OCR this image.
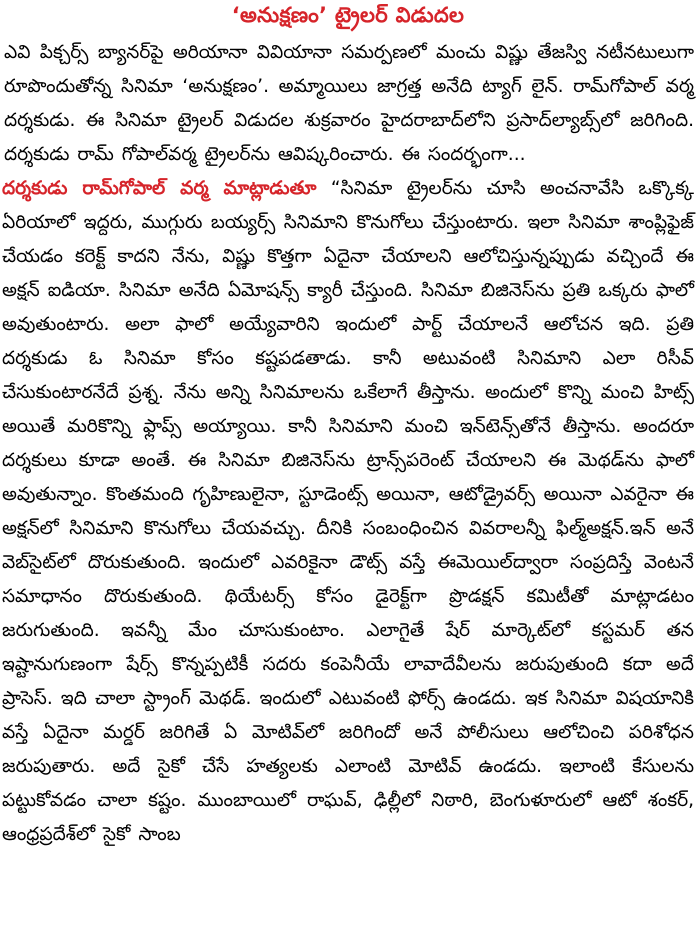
‘అనుక్షణం’ ట్రైలర్ విడుదల

ఎవి పిక్చర్స్ బ్యానర్‌పై అరియానా వివియానా సమర్పణలో మంచు విష్ణు తేజస్వి నటీనటులుగా రూపొందుతోన్న సినిమా ‘అనుక్షణం’. అమ్మాయిలు జాగ్రత్త అనేది ట్యాగ్ లైన్. రామ్‌గోపాల్ వర్మ దర్శకుడు. ఈ సినిమా ట్రైలర్ విడుదల శుక్రవారం హైదరాబాద్‌లోని ప్రసాద్‌ల్యాబ్స్‌లో జరిగింది. దర్శకుడు రామ్ గోపాల్‌వర్మ ట్రైలర్‌ను ఆవిష్కరించారు. ఈ సందర్భంగా...

దర్శకుడు రామ్‌గోపాల్ వర్మ మాట్లాడుతూ “సినిమా ట్రైలర్‌ను చూసి అంచనావేసి ఒక్కొక్క ఏరియాలో ఇద్దరు, ముగ్గురు బయ్యర్స్ సినిమాని కొనుగోలు చేస్తుంటారు. ఇలా సినిమా శాంప్లిఫైజ్ చేయడం కరెక్ట్ కాదని నేను, విష్ణు కొత్తగా ఏదైనా చేయాలని ఆలోచిస్తున్నప్పుడు వచ్చిందే ఈ అక్షన్ ఐడియా. సినిమా అనేది ఏమోషన్స్ క్యారీ చేస్తుంది. సినిమా బిజినెస్‌ను ప్రతి ఒక్కరు ఫాలో అవుతుంటారు. అలా ఫాలో అయ్యేవారిని ఇందులో పార్ట్ చేయాలనే ఆలోచన ఇది. ప్రతి దర్శకుడు ఓ సినిమా కోసం కష్టపడతాడు. కానీ అటువంటి సినిమాని ఎలా రిసీవ్ చేసుకుంటారనేదే ప్రశ్న. నేను అన్ని సినిమాలను ఒకేలాగే తీస్తాను. అందులో కొన్ని మంచి హిట్స్ అయితే మరికొన్ని ఫ్లాప్స్ అయ్యాయి. కానీ సినిమాని మంచి ఇన్‌టెన్స్‌తోనే తీస్తాను. అందరూ దర్శకులు కూడా అంతే. ఈ సినిమా బిజినెస్‌ను ట్రాన్స్‌పరెంట్ చేయాలని ఈ మెథడ్‌ను ఫాలో అవుతున్నాం. కొంతమంది గృహిణులైనా, స్టూడెంట్స్ అయినా, ఆటోడ్రైవర్స్ అయినా ఎవరైనా ఈ అక్షన్‌లో సినిమాని కొనుగోలు చేయవచ్చు. దీనికి సంబంధించిన వివరాలన్నీ ఫిల్మ్‌అక్షన్.ఇన్ అనే వెబ్‌సైట్‌లో దొరుకుతుంది. ఇందులో ఎవరికైనా డౌట్స్ వస్తే ఈమెయిల్‌ద్వారా సంప్రదిస్తే వెంటనే సమాధానం దొరుకుతుంది. థియేటర్స్ కోసం డైరెక్ట్‌గా ప్రొడక్షన్ కమిటీతో మాట్లాడటం జరుగుతుంది. ఇవన్నీ మేం చూసుకుంటాం. ఎలాగైతే షేర్ మార్కెట్‌లో కస్టమర్ తన ఇష్టానుగుణంగా షేర్స్ కొన్నప్పటికీ సదరు కంపెనీయే లావాదేవీలను జరుపుతుంది కదా అదే ప్రాసెస్. ఇది చాలా స్ట్రాంగ్ మెథడ్. ఇందులో ఎటువంటి ఫోర్స్ ఉండదు. ఇక సినిమా విషయానికి వస్తే ఏదైనా మర్డర్ జరిగితే ఏ మోటివ్‌లో జరిగిందో అనే పోలీసులు ఆలోచించి పరిశోధన జరుపుతారు. అదే సైకో చేసే హత్యలకు ఎలాంటి మోటివ్ ఉండదు. ఇలాంటి కేసులను పట్టుకోవడం చాలా కష్టం. ముంబాయిలో రాఘవ్, ఢిల్లీలో నిఠారి, బెంగుళూరులో ఆటో శంకర్, ఆంధ్రప్రదేశ్‌లో సైకో సాంబ
